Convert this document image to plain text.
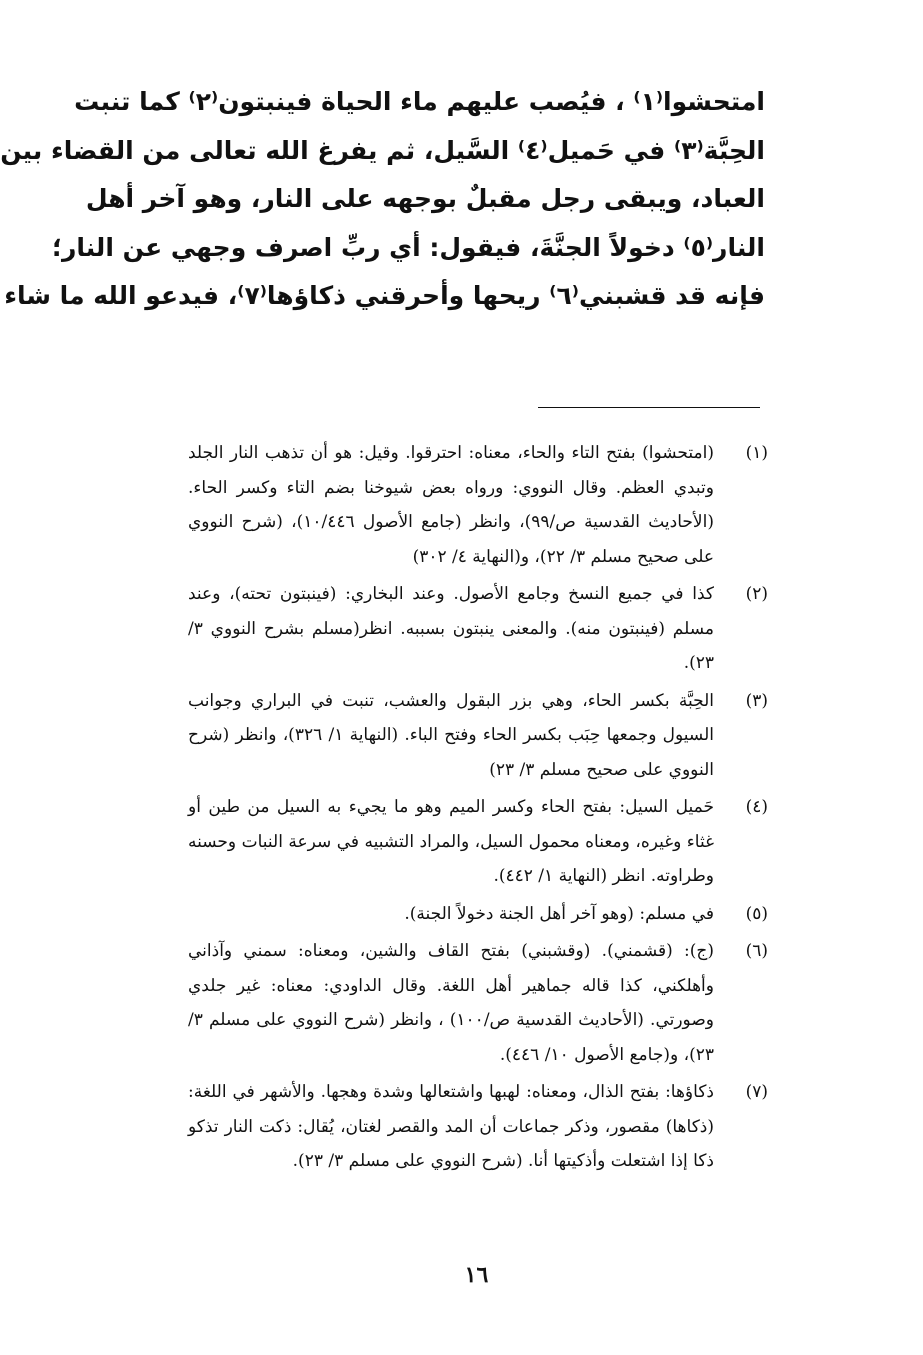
امتحشوا⁽١⁾ ، فيُصب عليهم ماء الحياة فينبتون⁽٢⁾ كما تنبت
الحِبَّة⁽٣⁾ في حَميل⁽٤⁾ السَّيل، ثم يفرغ الله تعالى من القضاء بين
العباد، ويبقى رجل مقبلٌ بوجهه على النار، وهو آخر أهل
النار⁽٥⁾ دخولاً الجنَّةَ، فيقول: أي ربِّ اصرف وجهي عن النار؛
فإنه قد قشبني⁽٦⁾ ريحها وأحرقني ذكاؤها⁽٧⁾، فيدعو الله ما شاء
(١)
(امتحشوا) بفتح التاء والحاء، معناه: احترقوا. وقيل: هو أن تذهب النار الجلد وتبدي العظم. وقال النووي: ورواه بعض شيوخنا بضم التاء وكسر الحاء. (الأحاديث القدسية ص/٩٩)، وانظر (جامع الأصول ١٠/٤٤٦)، (شرح النووي على صحيح مسلم ٣/ ٢٢)، و(النهاية ٤/ ٣٠٢)
(٢)
كذا في جميع النسخ وجامع الأصول. وعند البخاري: (فينبتون تحته)، وعند مسلم (فينبتون منه). والمعنى ينبتون بسببه. انظر(مسلم بشرح النووي ٣/ ٢٣).
(٣)
الحِبَّة بكسر الحاء، وهي بزر البقول والعشب، تنبت في البراري وجوانب السيول وجمعها حِبَب بكسر الحاء وفتح الباء. (النهاية ١/ ٣٢٦)، وانظر (شرح النووي على صحيح مسلم ٣/ ٢٣)
(٤)
حَميل السيل: بفتح الحاء وكسر الميم وهو ما يجيء به السيل من طين أو غثاء وغيره، ومعناه محمول السيل، والمراد التشبيه في سرعة النبات وحسنه وطراوته. انظر (النهاية ١/ ٤٤٢).
(٥)
في مسلم: (وهو آخر أهل الجنة دخولاً الجنة).
(٦)
(ج): (قشمني). (وقشبني) بفتح القاف والشين، ومعناه: سمني وآذاني وأهلكني، كذا قاله جماهير أهل اللغة. وقال الداودي: معناه: غير جلدي وصورتي. (الأحاديث القدسية ص/١٠٠) ، وانظر (شرح النووي على مسلم ٣/ ٢٣)، و(جامع الأصول ١٠/ ٤٤٦).
(٧)
ذكاؤها: بفتح الذال، ومعناه: لهبها واشتعالها وشدة وهجها. والأشهر في اللغة: (ذكاها) مقصور، وذكر جماعات أن المد والقصر لغتان، يُقال: ذكت النار تذكو ذكا إذا اشتعلت وأذكيتها أنا. (شرح النووي على مسلم ٣/ ٢٣).
١٦
